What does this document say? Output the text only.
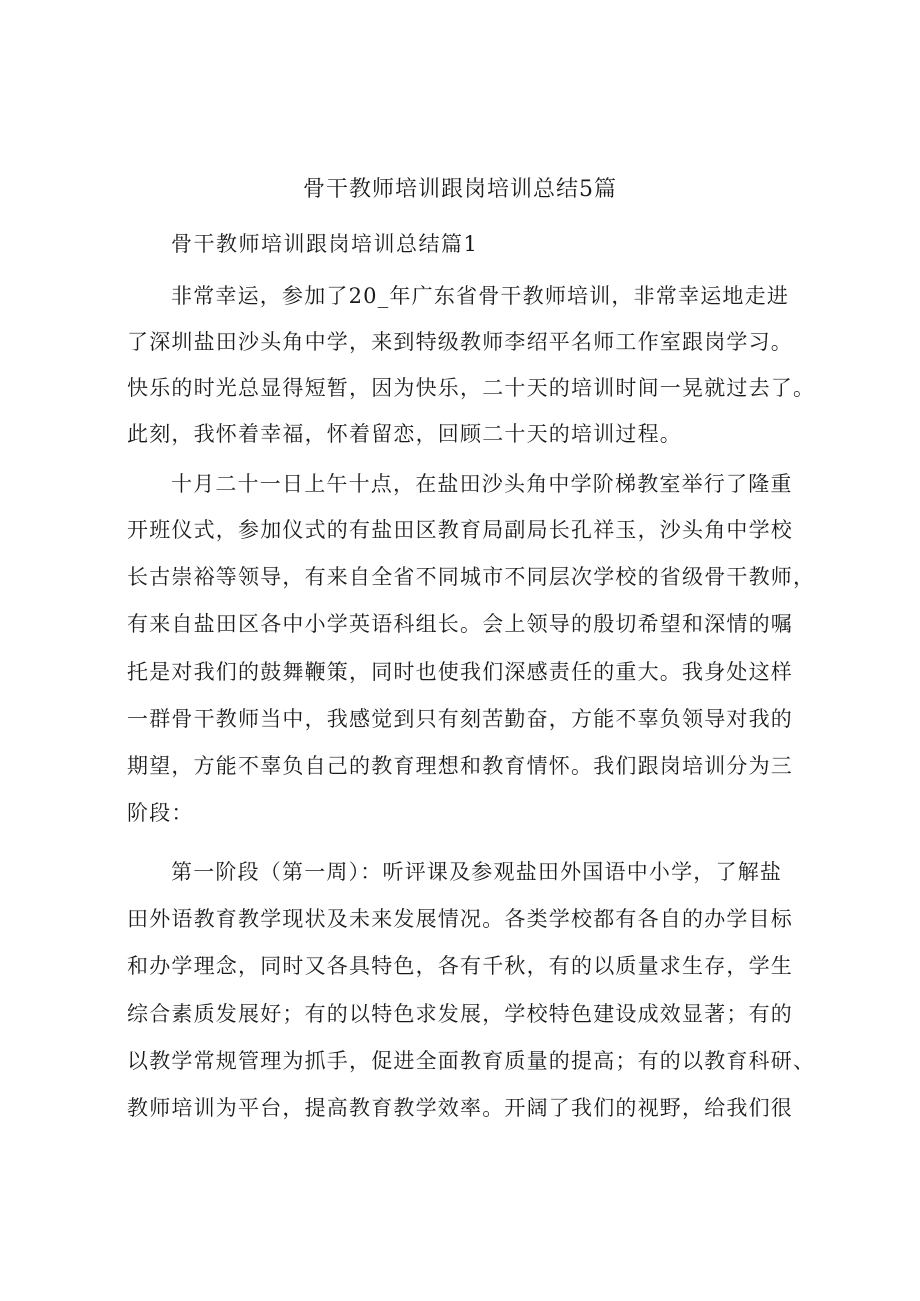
骨干教师培训跟岗培训总结5篇
骨干教师培训跟岗培训总结篇1
非常幸运，参加了20_年广东省骨干教师培训，非常幸运地走进
了深圳盐田沙头角中学，来到特级教师李绍平名师工作室跟岗学习。
快乐的时光总显得短暂，因为快乐，二十天的培训时间一晃就过去了。
此刻，我怀着幸福，怀着留恋，回顾二十天的培训过程。
十月二十一日上午十点，在盐田沙头角中学阶梯教室举行了隆重
开班仪式，参加仪式的有盐田区教育局副局长孔祥玉，沙头角中学校
长古崇裕等领导，有来自全省不同城市不同层次学校的省级骨干教师，
有来自盐田区各中小学英语科组长。会上领导的殷切希望和深情的嘱
托是对我们的鼓舞鞭策，同时也使我们深感责任的重大。我身处这样
一群骨干教师当中，我感觉到只有刻苦勤奋，方能不辜负领导对我的
期望，方能不辜负自己的教育理想和教育情怀。我们跟岗培训分为三
阶段：
第一阶段（第一周）：听评课及参观盐田外国语中小学，了解盐
田外语教育教学现状及未来发展情况。各类学校都有各自的办学目标
和办学理念，同时又各具特色，各有千秋，有的以质量求生存，学生
综合素质发展好；有的以特色求发展，学校特色建设成效显著；有的
以教学常规管理为抓手，促进全面教育质量的提高；有的以教育科研、
教师培训为平台，提高教育教学效率。开阔了我们的视野，给我们很
